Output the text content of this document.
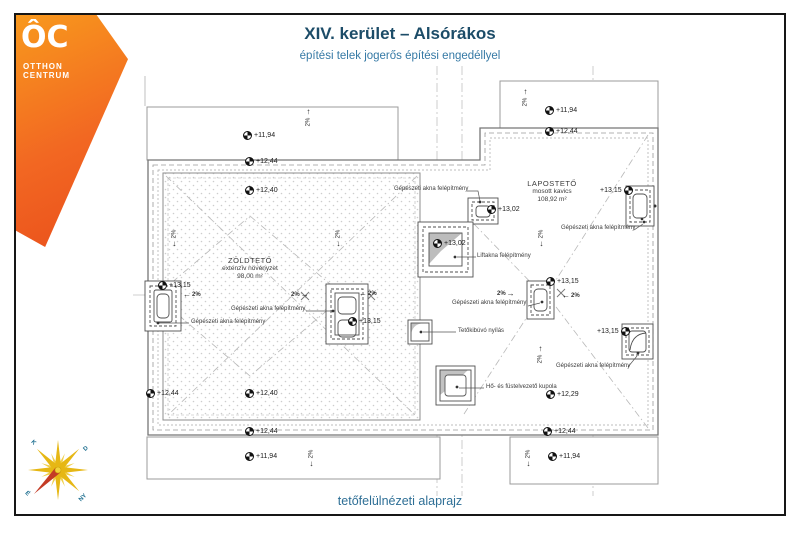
ÔC
OTTHON
CENTRUM
XIV. kerület – Alsórákos
építési telek jogerős építési engedéllyel
tetőfelülnézeti alaprajz
K
D
É	NY
ZÖLDTETŐ
extenzív növényzet
98,00 m²
LAPOSTETŐ
mosott kavics
108,92 m²
Gépészeti akna felépítmény
Gépészeti akna felépítmény
Gépészeti akna felépítmény
Gépészeti akna felépítmény
Gépészeti akna felépítmény
Gépészeti akna felépítmény
Liftakna felépítmény
Tetőkibúvó nyílás
Hő- és füstelvezető kupola
+11,94
+12,44
+12,40
+12,44	+12,40
+12,44
+11,94
+11,94
+12,44
+13,15
+13,15
+13,02
+13,02
+13,15
+13,15
+13,15
+12,29
+12,44
+11,94
↑
2%
↑
2%
2%
↓
2%
↓
2%
↓
↑
2%
2%
↓
2%
↓
← 2%	2% →	← 2%	2% →	← 2%
